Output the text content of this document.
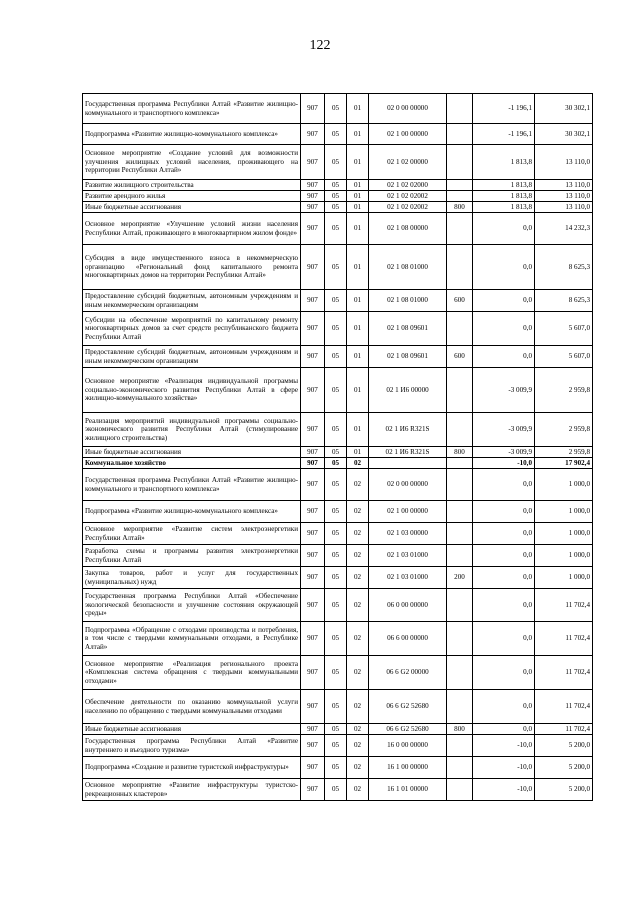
122
Государственная программа Республики Алтай «Развитие жилищно-коммунального и транспортного комплекса»	907	05	01	02 0 00 00000		-1 196,1	30 302,1
Подпрограмма «Развитие жилищно-коммунального комплекса»	907	05	01	02 1 00 00000		-1 196,1	30 302,1
Основное мероприятие «Создание условий для возможности улучшения жилищных условий населения, проживающего на территории Республики Алтай»	907	05	01	02 1 02 00000		1 813,8	13 110,0
Развитие жилищного строительства	907	05	01	02 1 02 02000		1 813,8	13 110,0
Развитие арендного жилья	907	05	01	02 1 02 02002		1 813,8	13 110,0
Иные бюджетные ассигнования	907	05	01	02 1 02 02002	800	1 813,8	13 110,0
Основное мероприятие «Улучшение условий жизни населения Республики Алтай, проживающего в многоквартирном жилом фонде»	907	05	01	02 1 08 00000		0,0	14 232,3
Субсидия в виде имущественного взноса в некоммерческую организацию «Региональный фонд капитального ремонта многоквартирных домов на территории Республики Алтай»	907	05	01	02 1 08 01000		0,0	8 625,3
Предоставление субсидий бюджетным, автономным учреждениям и иным некоммерческим организациям	907	05	01	02 1 08 01000	600	0,0	8 625,3
Субсидии на обеспечение мероприятий по капитальному ремонту многоквартирных домов за счет средств республиканского бюджета Республики Алтай	907	05	01	02 1 08 09601		0,0	5 607,0
Предоставление субсидий бюджетным, автономным учреждениям и иным некоммерческим организациям	907	05	01	02 1 08 09601	600	0,0	5 607,0
Основное мероприятие «Реализация индивидуальной программы социально-экономического развития Республики Алтай в сфере жилищно-коммунального хозяйства»	907	05	01	02 1 И6 00000		-3 009,9	2 959,8
Реализация мероприятий индивидуальной программы социально-экономического развития Республики Алтай (стимулирование жилищного строительства)	907	05	01	02 1 И6 R321S		-3 009,9	2 959,8
Иные бюджетные ассигнования	907	05	01	02 1 И6 R321S	800	-3 009,9	2 959,8
Коммунальное хозяйство	907	05	02			-10,0	17 902,4
Государственная программа Республики Алтай «Развитие жилищно-коммунального и транспортного комплекса»	907	05	02	02 0 00 00000		0,0	1 000,0
Подпрограмма «Развитие жилищно-коммунального комплекса»	907	05	02	02 1 00 00000		0,0	1 000,0
Основное мероприятие «Развитие систем электроэнергетики Республики Алтай»	907	05	02	02 1 03 00000		0,0	1 000,0
Разработка схемы и программы развития электроэнергетики Республики Алтай	907	05	02	02 1 03 01000		0,0	1 000,0
Закупка товаров, работ и услуг для государственных (муниципальных) нужд	907	05	02	02 1 03 01000	200	0,0	1 000,0
Государственная программа Республики Алтай «Обеспечение экологической безопасности и улучшение состояния окружающей среды»	907	05	02	06 0 00 00000		0,0	11 702,4
Подпрограмма «Обращение с отходами производства и потребления, в том числе с твердыми коммунальными отходами, в Республике Алтай»	907	05	02	06 6 00 00000		0,0	11 702,4
Основное мероприятие «Реализация регионального проекта «Комплексная система обращения с твердыми коммунальными отходами»	907	05	02	06 6 G2 00000		0,0	11 702,4
Обеспечение деятельности по оказанию коммунальной услуги населению по обращению с твердыми коммунальными отходами	907	05	02	06 6 G2 52680		0,0	11 702,4
Иные бюджетные ассигнования	907	05	02	06 6 G2 52680	800	0,0	11 702,4
Государственная программа Республики Алтай «Развитие внутреннего и въездного туризма»	907	05	02	16 0 00 00000		-10,0	5 200,0
Подпрограмма «Создание и развитие туристской инфраструктуры»	907	05	02	16 1 00 00000		-10,0	5 200,0
Основное мероприятие «Развитие инфраструктуры туристско-рекреационных кластеров»	907	05	02	16 1 01 00000		-10,0	5 200,0
